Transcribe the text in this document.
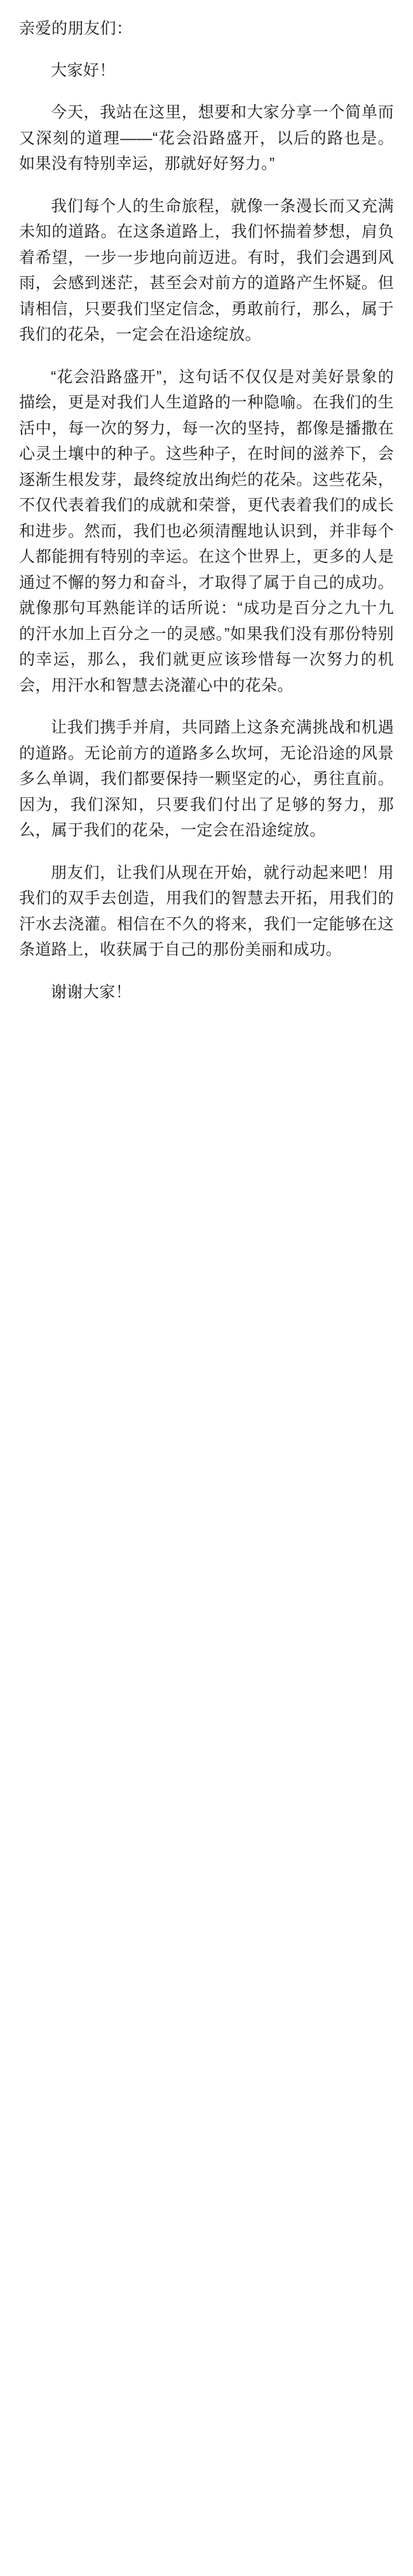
亲爱的朋友们：

大家好！

今天，我站在这里，想要和大家分享一个简单而又深刻的道理——“花会沿路盛开，以后的路也是。如果没有特别幸运，那就好好努力。”

我们每个人的生命旅程，就像一条漫长而又充满未知的道路。在这条道路上，我们怀揣着梦想，肩负着希望，一步一步地向前迈进。有时，我们会遇到风雨，会感到迷茫，甚至会对前方的道路产生怀疑。但请相信，只要我们坚定信念，勇敢前行，那么，属于我们的花朵，一定会在沿途绽放。

“花会沿路盛开”，这句话不仅仅是对美好景象的描绘，更是对我们人生道路的一种隐喻。在我们的生活中，每一次的努力，每一次的坚持，都像是播撒在心灵土壤中的种子。这些种子，在时间的滋养下，会逐渐生根发芽，最终绽放出绚烂的花朵。这些花朵，不仅代表着我们的成就和荣誉，更代表着我们的成长和进步。然而，我们也必须清醒地认识到，并非每个人都能拥有特别的幸运。在这个世界上，更多的人是通过不懈的努力和奋斗，才取得了属于自己的成功。就像那句耳熟能详的话所说：“成功是百分之九十九的汗水加上百分之一的灵感。”如果我们没有那份特别的幸运，那么，我们就更应该珍惜每一次努力的机会，用汗水和智慧去浇灌心中的花朵。

让我们携手并肩，共同踏上这条充满挑战和机遇的道路。无论前方的道路多么坎坷，无论沿途的风景多么单调，我们都要保持一颗坚定的心，勇往直前。因为，我们深知，只要我们付出了足够的努力，那么，属于我们的花朵，一定会在沿途绽放。

朋友们，让我们从现在开始，就行动起来吧！用我们的双手去创造，用我们的智慧去开拓，用我们的汗水去浇灌。相信在不久的将来，我们一定能够在这条道路上，收获属于自己的那份美丽和成功。

谢谢大家！
